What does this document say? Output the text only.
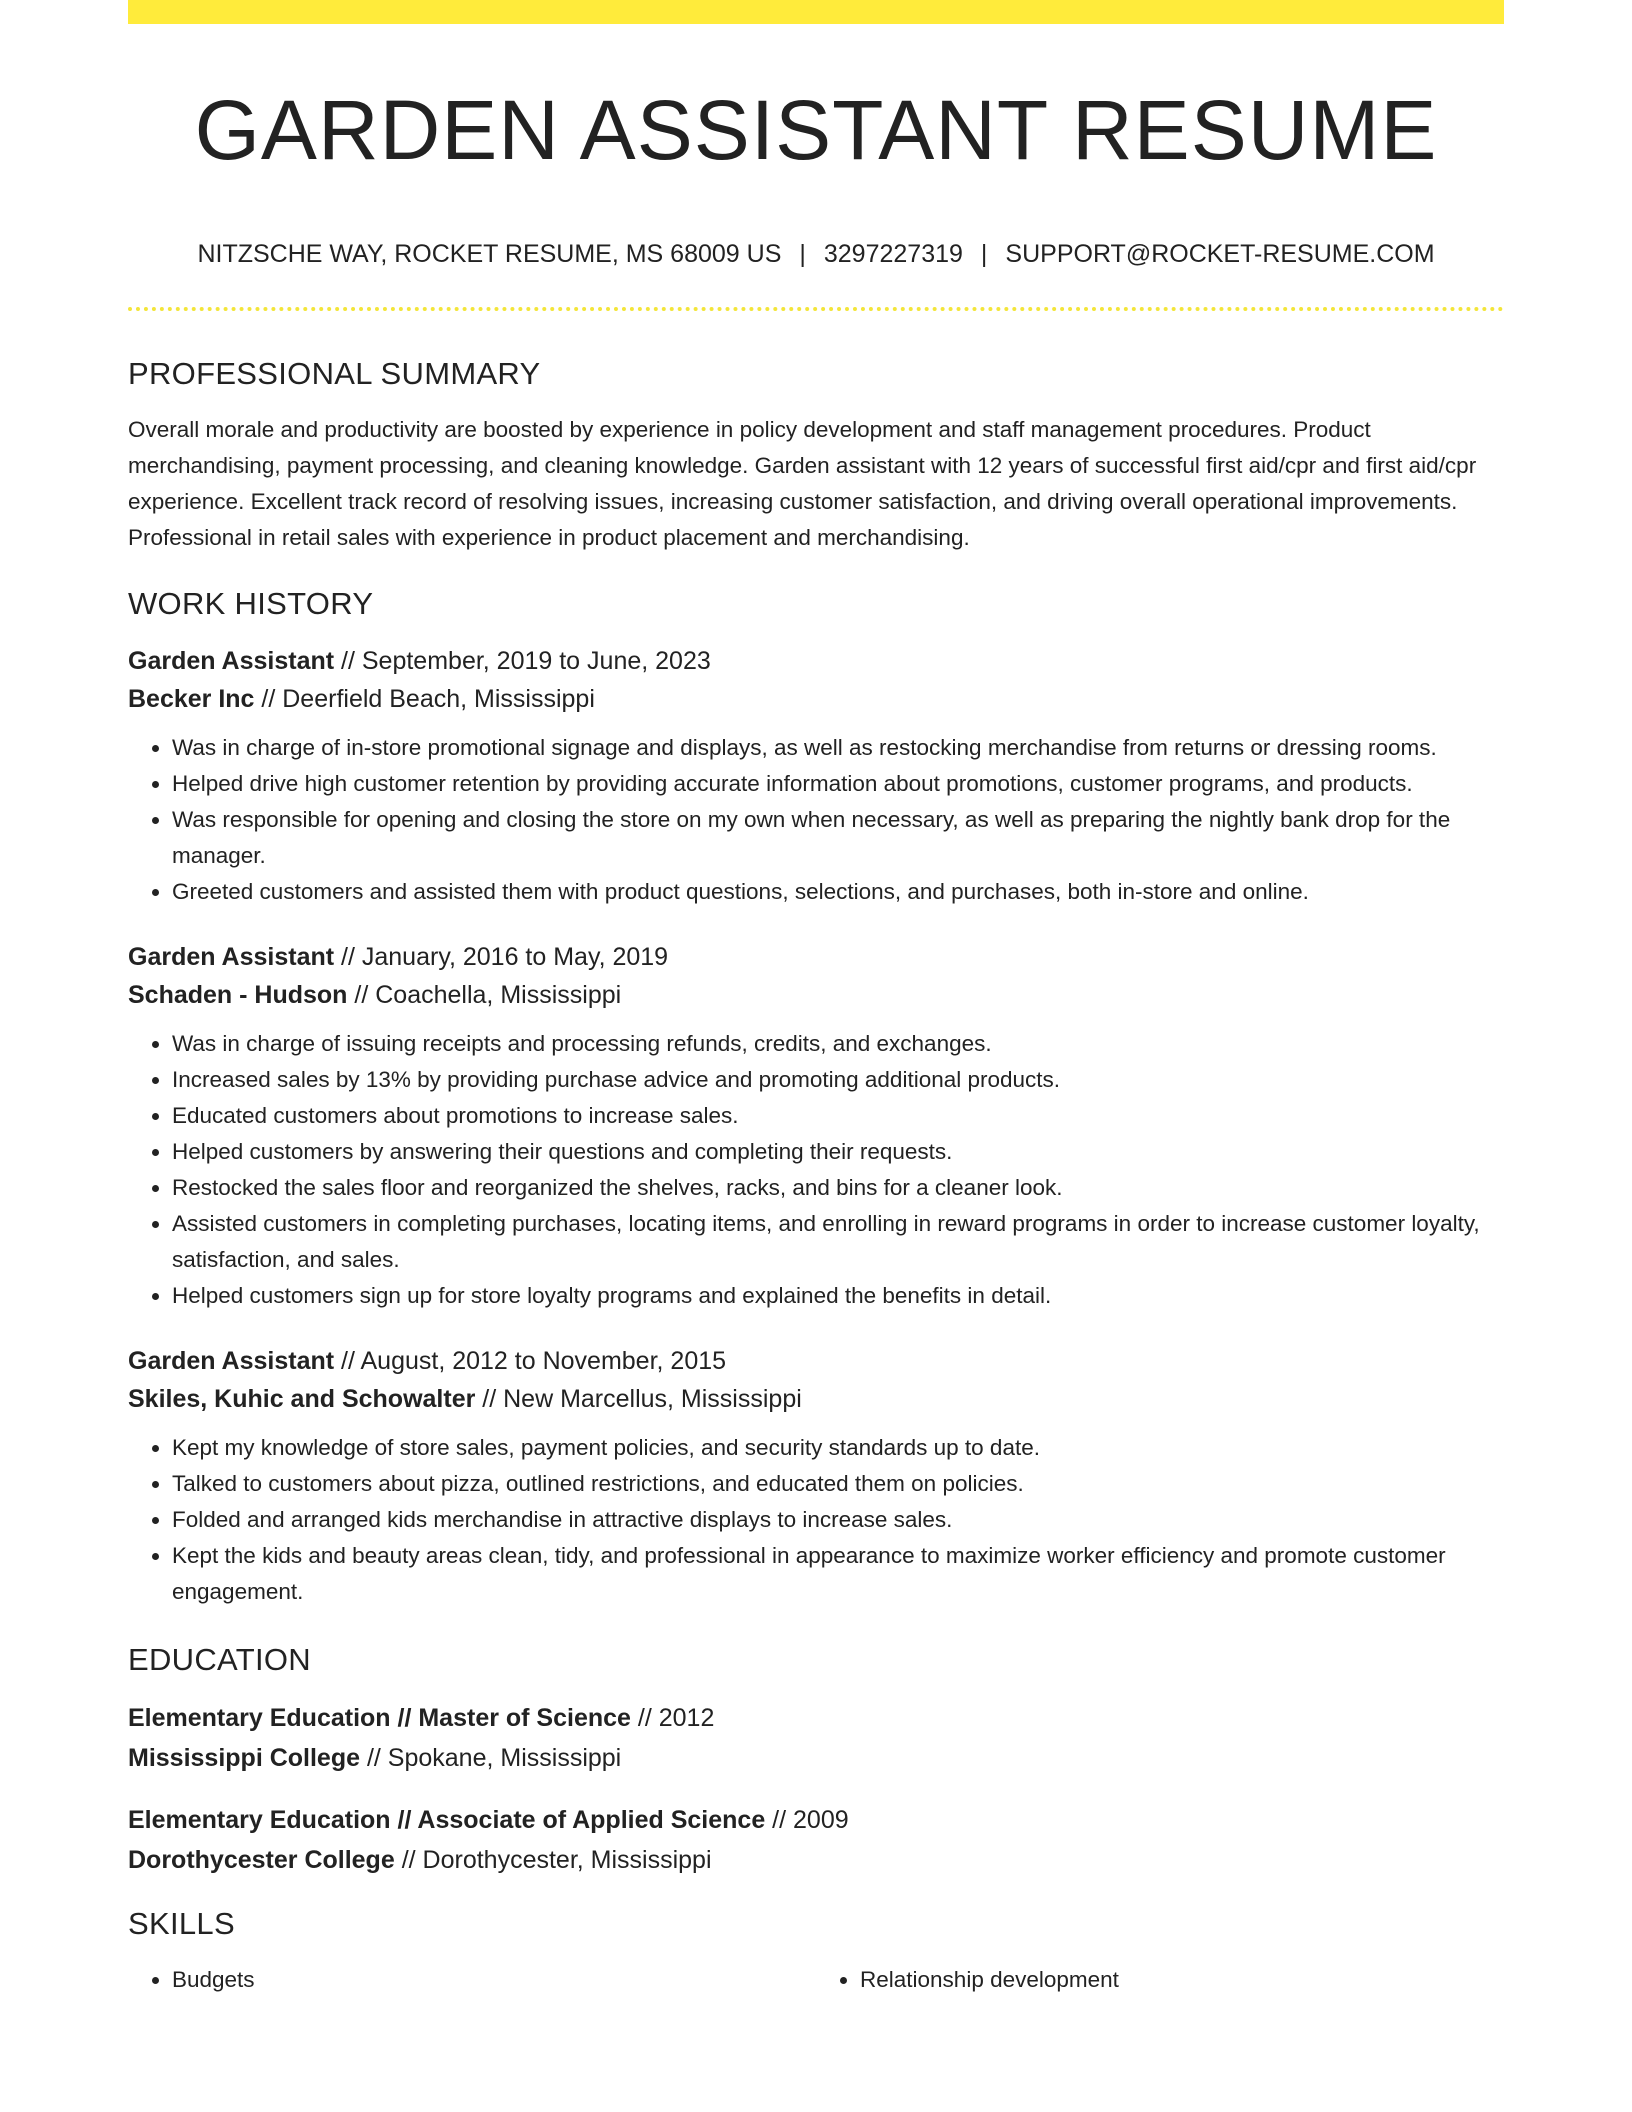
GARDEN ASSISTANT RESUME
NITZSCHE WAY, ROCKET RESUME, MS 68009 US | 3297227319 | SUPPORT@ROCKET-RESUME.COM
PROFESSIONAL SUMMARY

Overall morale and productivity are boosted by experience in policy development and staff management procedures. Product merchandising, payment processing, and cleaning knowledge. Garden assistant with 12 years of successful first aid/cpr and first aid/cpr experience. Excellent track record of resolving issues, increasing customer satisfaction, and driving overall operational improvements. Professional in retail sales with experience in product placement and merchandising.

WORK HISTORY
Garden Assistant // September, 2019 to June, 2023
Becker Inc // Deerfield Beach, Mississippi
• Was in charge of in-store promotional signage and displays, as well as restocking merchandise from returns or dressing rooms.
• Helped drive high customer retention by providing accurate information about promotions, customer programs, and products.
• Was responsible for opening and closing the store on my own when necessary, as well as preparing the nightly bank drop for the manager.
• Greeted customers and assisted them with product questions, selections, and purchases, both in-store and online.
Garden Assistant // January, 2016 to May, 2019
Schaden - Hudson // Coachella, Mississippi
• Was in charge of issuing receipts and processing refunds, credits, and exchanges.
• Increased sales by 13% by providing purchase advice and promoting additional products.
• Educated customers about promotions to increase sales.
• Helped customers by answering their questions and completing their requests.
• Restocked the sales floor and reorganized the shelves, racks, and bins for a cleaner look.
• Assisted customers in completing purchases, locating items, and enrolling in reward programs in order to increase customer loyalty, satisfaction, and sales.
• Helped customers sign up for store loyalty programs and explained the benefits in detail.
Garden Assistant // August, 2012 to November, 2015
Skiles, Kuhic and Schowalter // New Marcellus, Mississippi
• Kept my knowledge of store sales, payment policies, and security standards up to date.
• Talked to customers about pizza, outlined restrictions, and educated them on policies.
• Folded and arranged kids merchandise in attractive displays to increase sales.
• Kept the kids and beauty areas clean, tidy, and professional in appearance to maximize worker efficiency and promote customer engagement.
EDUCATION
Elementary Education // Master of Science // 2012
Mississippi College // Spokane, Mississippi
Elementary Education // Associate of Applied Science // 2009
Dorothycester College // Dorothycester, Mississippi
SKILLS
• Budgets
•	Relationship development
